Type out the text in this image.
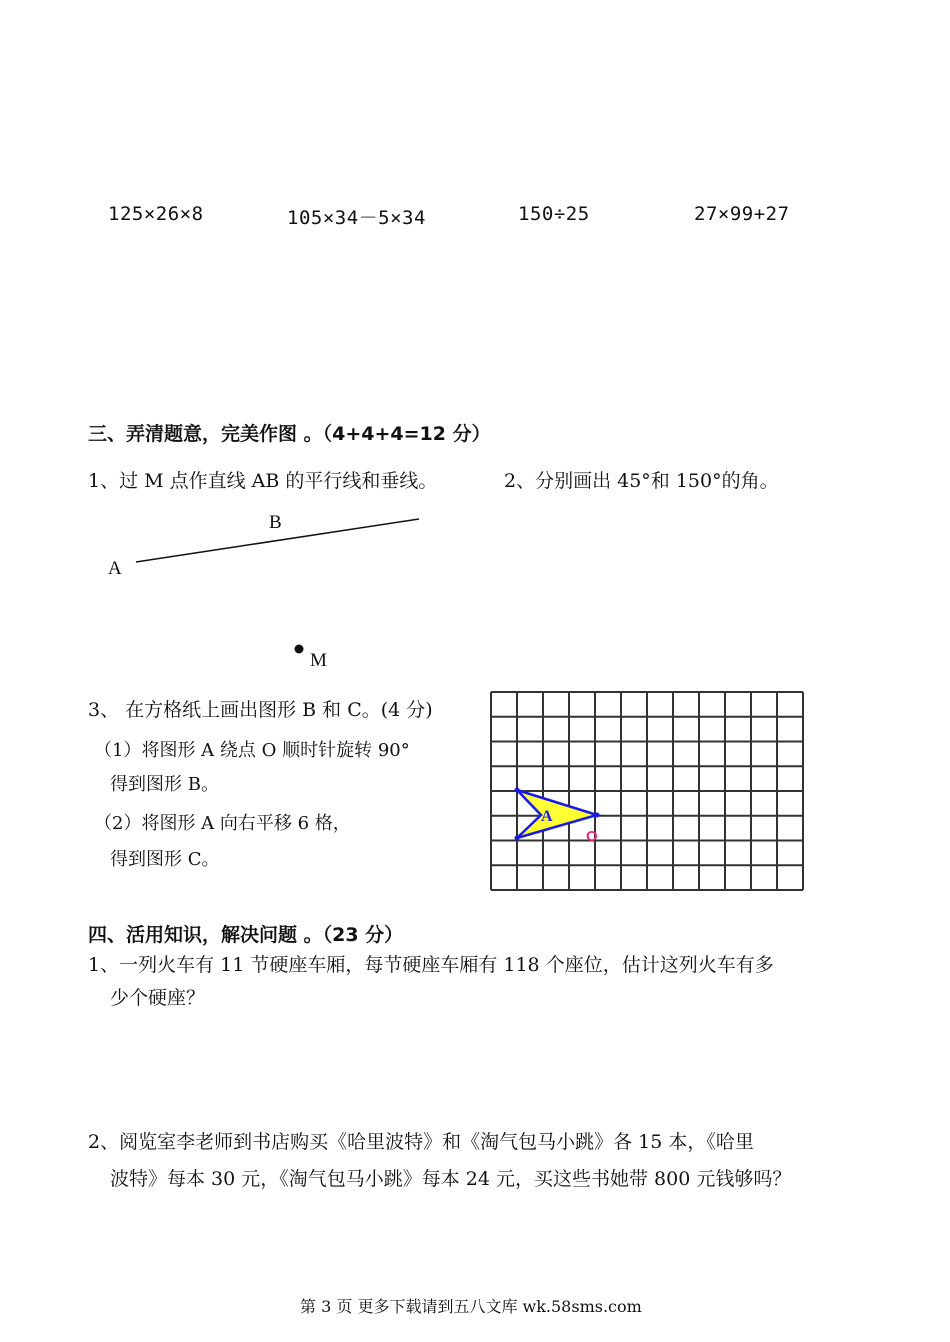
125×26×8	105×34－5×34	150÷25	27×99+27
三、弄清题意，完美作图 。（4+4+4=12 分）
1、过 M 点作直线 AB 的平行线和垂线。	2、分别画出 45°和 150°的角。
A
B
M
3、 在方格纸上画出图形 B 和 C。(4 分)
（1）将图形 A 绕点 O 顺时针旋转 90°
得到图形 B。
（2）将图形 A 向右平移 6 格，
得到图形 C。
A
O
四、活用知识，解决问题 。（23 分）
1、一列火车有 11 节硬座车厢，每节硬座车厢有 118 个座位，估计这列火车有多
少个硬座？
2、阅览室李老师到书店购买《哈里波特》和《淘气包马小跳》各 15 本，《哈里
波特》每本 30 元，《淘气包马小跳》每本 24 元，买这些书她带 800 元钱够吗？
第 3 页 更多下载请到五八文库 wk.58sms.com
